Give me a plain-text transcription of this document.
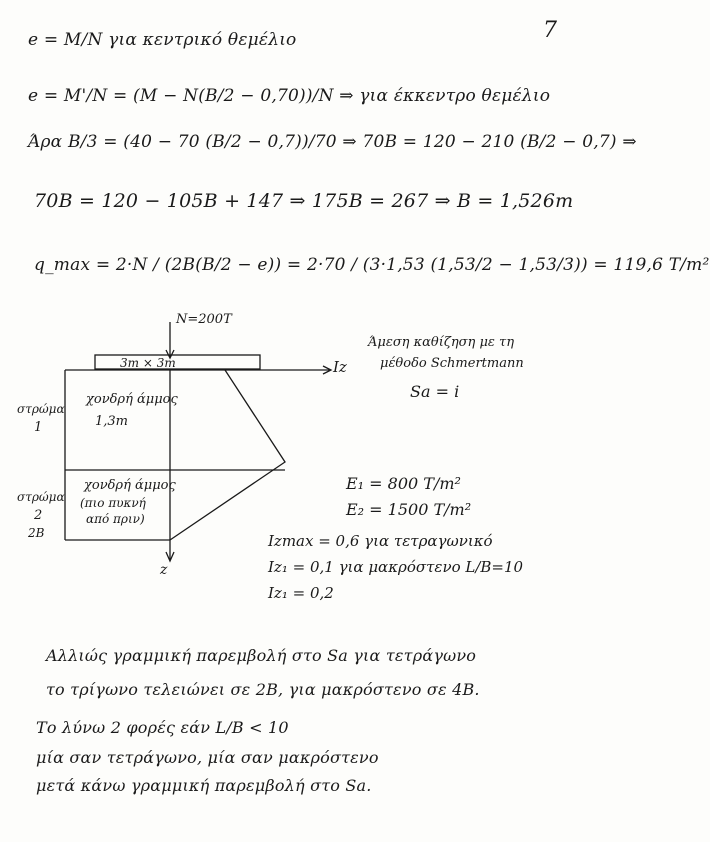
7
e = M/N για κεντρικό θεμέλιο
e = M'/N = (M − N(B/2 − 0,70))/N ⇒ για έκκεντρο θεμέλιο
Άρα B/3 = (40 − 70 (B/2 − 0,7))/70 ⇒ 70B = 120 − 210 (B/2 − 0,7) ⇒
70B = 120 − 105B + 147 ⇒ 175B = 267 ⇒ B = 1,526m
q_max = 2·N / (2B(B/2 − e)) = 2·70 / (3·1,53 (1,53/2 − 1,53/3)) = 119,6 T/m²
N=200T
3m × 3m	Iz
z
στρώμα
1
χονδρή άμμος
1,3m
στρώμα
2
2B
χονδρή άμμος
(πιο πυκνή
από πριν)
Άμεση καθίζηση με τη
μέθοδο Schmertmann
Sa = i
E₁ = 800 T/m²
E₂ = 1500 T/m²
Izmax = 0,6 για τετραγωνικό
Iz₁ = 0,1 για μακρόστενο L/B=10
Iz₁ = 0,2
Αλλιώς γραμμική παρεμβολή στο Sa για τετράγωνο
το τρίγωνο τελειώνει σε 2B, για μακρόστενο σε 4B.
Το λύνω 2 φορές εάν L/B < 10
μία σαν τετράγωνο, μία σαν μακρόστενο
μετά κάνω γραμμική παρεμβολή στο Sa.
